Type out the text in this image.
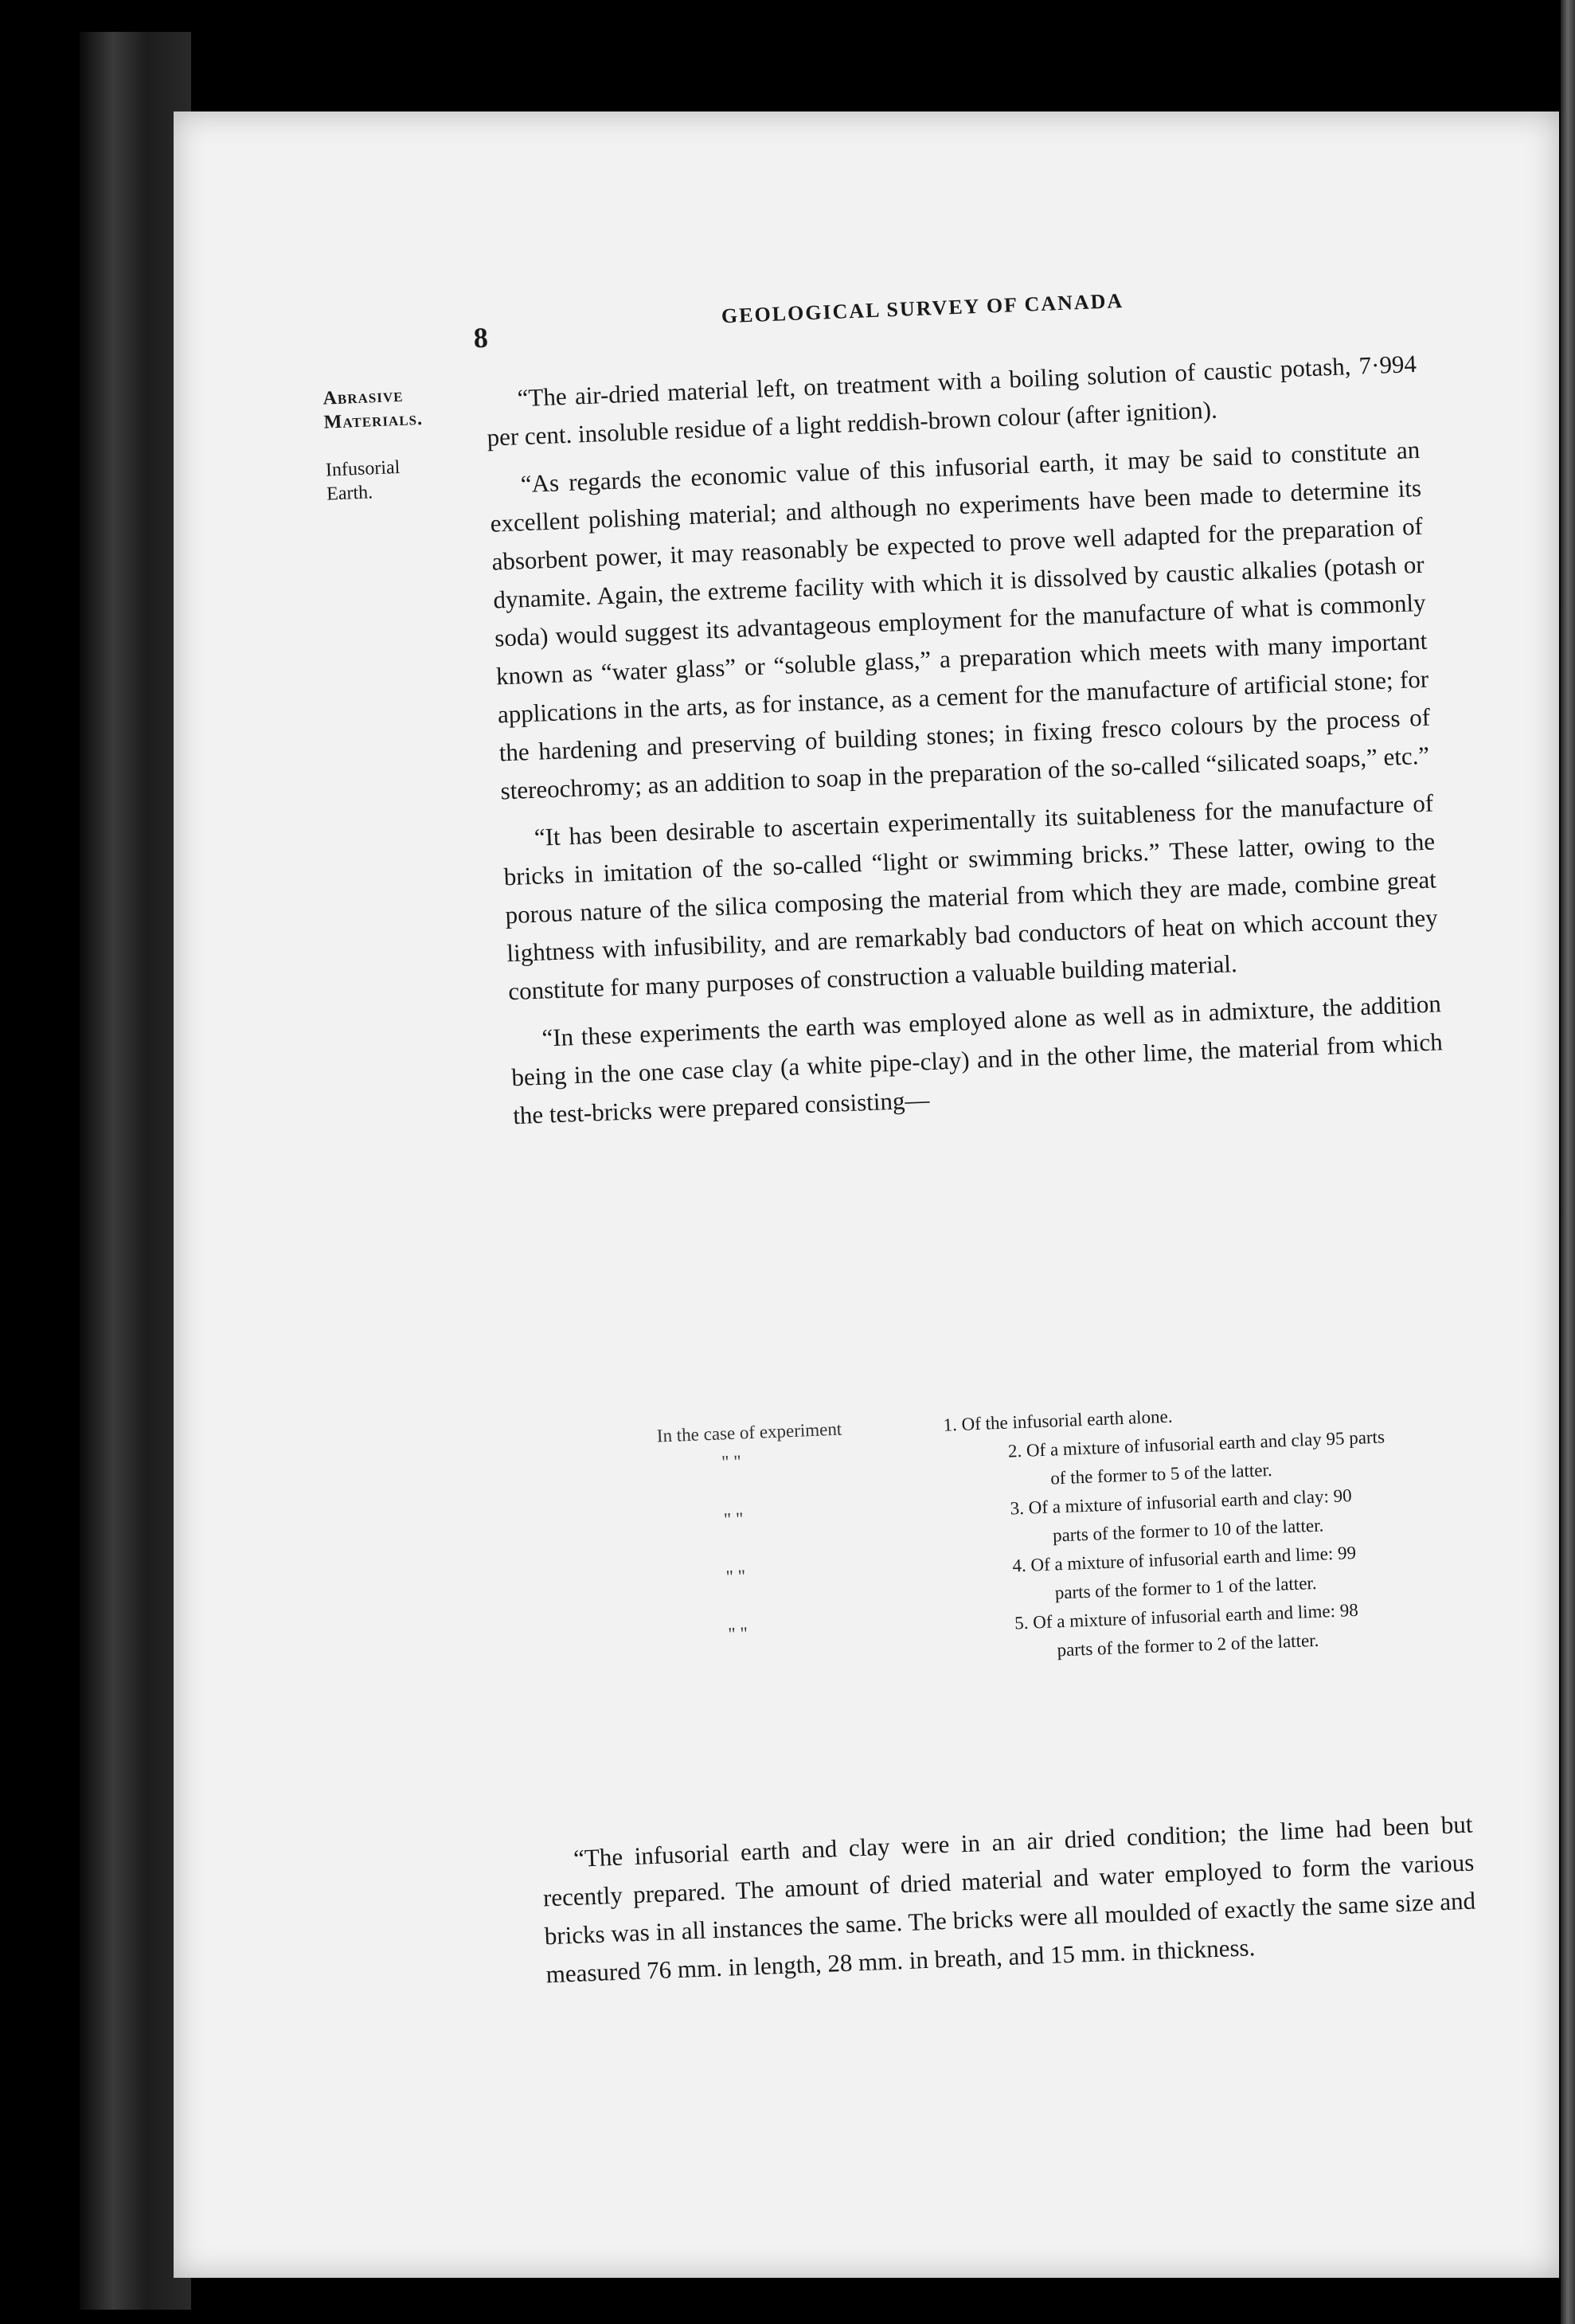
8
GEOLOGICAL SURVEY OF CANADA
Abrasive
Materials.
Infusorial
Earth.

“The air-dried material left, on treatment with a boiling solution of caustic potash, 7·994 per cent. insoluble residue of a light reddish-brown colour (after ignition).

“As regards the economic value of this infusorial earth, it may be said to constitute an excellent polishing material; and although no experiments have been made to determine its absorbent power, it may reasonably be expected to prove well adapted for the preparation of dynamite. Again, the extreme facility with which it is dissolved by caustic alkalies (potash or soda) would suggest its advantageous employment for the manufacture of what is commonly known as “water glass” or “soluble glass,” a preparation which meets with many important applications in the arts, as for instance, as a cement for the manufacture of artificial stone; for the hardening and preserving of building stones; in fixing fresco colours by the process of stereochromy; as an addition to soap in the preparation of the so-called “silicated soaps,” etc.”

“It has been desirable to ascertain experimentally its suitableness for the manufacture of bricks in imitation of the so-called “light or swimming bricks.” These latter, owing to the porous nature of the silica composing the material from which they are made, combine great lightness with infusibility, and are remarkably bad conductors of heat on which account they constitute for many purposes of construction a valuable building material.

“In these experiments the earth was employed alone as well as in admixture, the addition being in the one case clay (a white pipe-clay) and in the other lime, the material from which the test-bricks were prepared consisting—

In the case of experiment	1. Of the infusorial earth alone.
" "
2. Of a mixture of infusorial earth and clay 95 parts
of the former to 5 of the latter.
" "
3. Of a mixture of infusorial earth and clay: 90
parts of the former to 10 of the latter.
" "
4. Of a mixture of infusorial earth and lime: 99
parts of the former to 1 of the latter.
" "
5. Of a mixture of infusorial earth and lime: 98
parts of the former to 2 of the latter.

“The infusorial earth and clay were in an air dried condition; the lime had been but recently prepared. The amount of dried material and water employed to form the various bricks was in all instances the same. The bricks were all moulded of exactly the same size and measured 76 mm. in length, 28 mm. in breath, and 15 mm. in thickness.
